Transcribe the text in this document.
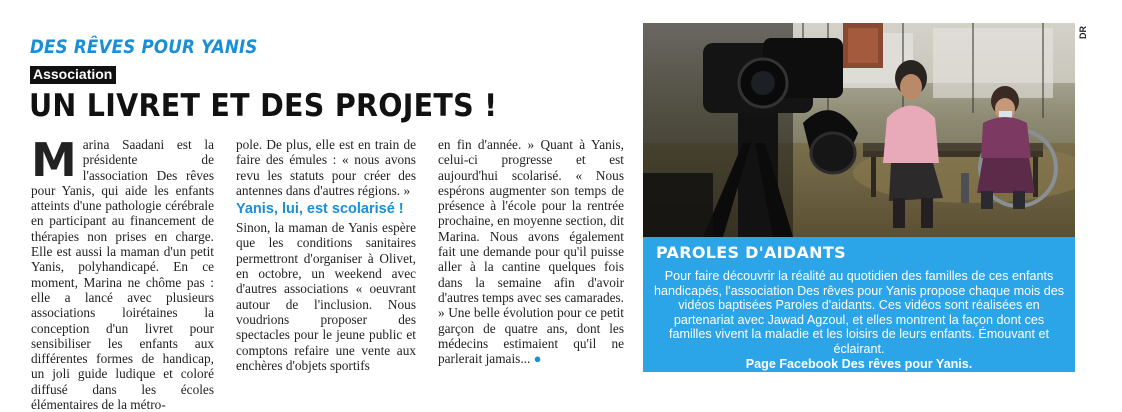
DES RÊVES POUR YANIS
Association
UN LIVRET ET DES PROJETS !
M arina Saadani est la présidente de l'association Des rêves pour Yanis, qui aide les enfants atteints d'une pathologie cérébrale en participant au financement de thérapies non prises en charge. Elle est aussi la maman d'un petit Yanis, polyhandicapé. En ce moment, Marina ne chôme pas : elle a lancé avec plusieurs associations loirétaines la conception d'un livret pour sensibiliser les enfants aux différentes formes de handicap, un joli guide ludique et coloré diffusé dans les écoles élémentaires de la métro-

pole. De plus, elle est en train de faire des émules : « nous avons revu les statuts pour créer des antennes dans d'autres régions. »

Yanis, lui, est scolarisé !

Sinon, la maman de Yanis espère que les conditions sanitaires permettront d'organiser à Olivet, en octobre, un weekend avec d'autres associations « oeuvrant autour de l'inclusion. Nous voudrions proposer des spectacles pour le jeune public et comptons refaire une vente aux enchères d'objets sportifs

en fin d'année. » Quant à Yanis, celui-ci progresse et est aujourd'hui scolarisé. « Nous espérons augmenter son temps de présence à l'école pour la rentrée prochaine, en moyenne section, dit Marina. Nous avons également fait une demande pour qu'il puisse aller à la cantine quelques fois dans la semaine afin d'avoir d'autres temps avec ses camarades. » Une belle évolution pour ce petit garçon de quatre ans, dont les médecins estimaient qu'il ne parlerait jamais... ●

DR
PAROLES D'AIDANTS

Pour faire découvrir la réalité au quotidien des familles de ces enfants handicapés, l'association Des rêves pour Yanis propose chaque mois des vidéos baptisées Paroles d'aidants. Ces vidéos sont réalisées en partenariat avec Jawad Agzoul, et elles montrent la façon dont ces familles vivent la maladie et les loisirs de leurs enfants. Émouvant et éclairant.
Page Facebook Des rêves pour Yanis.
